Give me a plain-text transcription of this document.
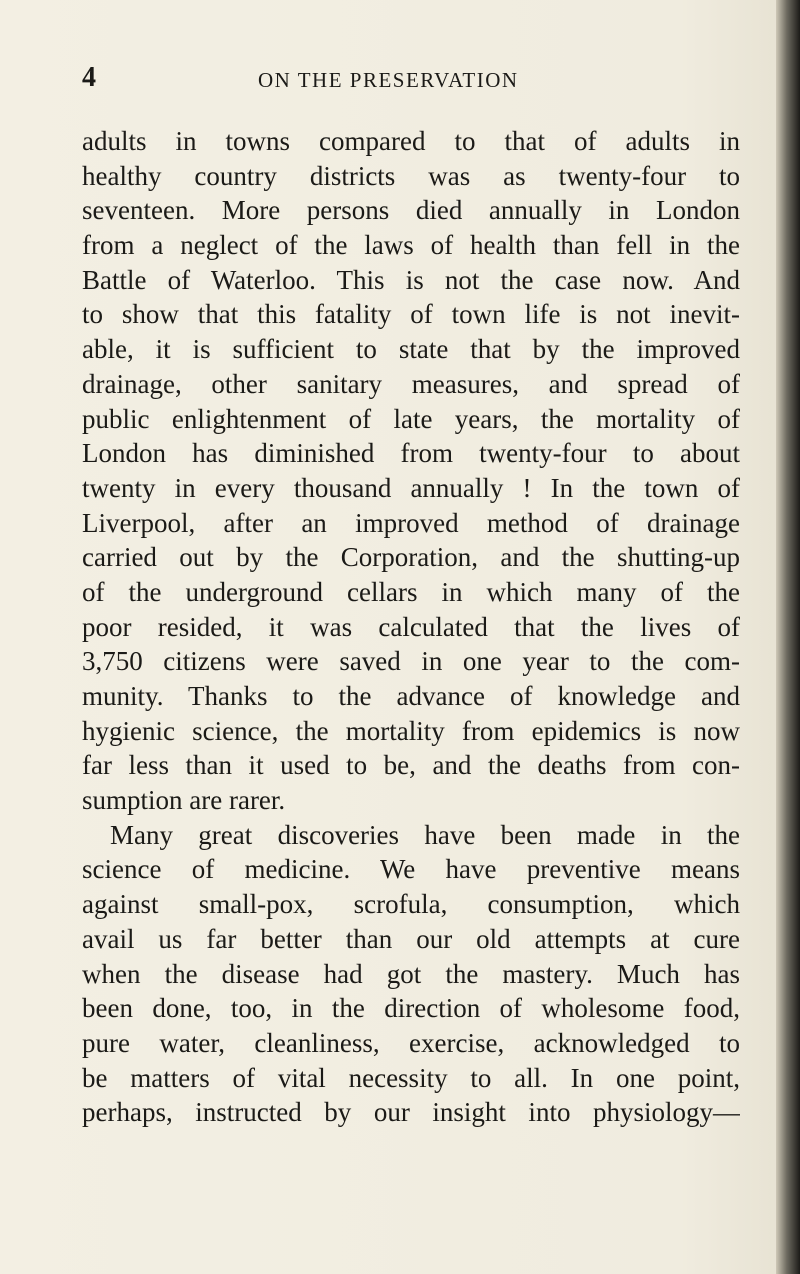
4	ON THE PRESERVATION
adults in towns compared to that of adults in
healthy country districts was as twenty-four to
seventeen. More persons died annually in London
from a neglect of the laws of health than fell in the
Battle of Waterloo. This is not the case now. And
to show that this fatality of town life is not inevit-
able, it is sufficient to state that by the improved
drainage, other sanitary measures, and spread of
public enlightenment of late years, the mortality of
London has diminished from twenty-four to about
twenty in every thousand annually ! In the town of
Liverpool, after an improved method of drainage
carried out by the Corporation, and the shutting-up
of the underground cellars in which many of the
poor resided, it was calculated that the lives of
3,750 citizens were saved in one year to the com-
munity. Thanks to the advance of knowledge and
hygienic science, the mortality from epidemics is now
far less than it used to be, and the deaths from con-
sumption are rarer.
Many great discoveries have been made in the
science of medicine. We have preventive means
against small-pox, scrofula, consumption, which
avail us far better than our old attempts at cure
when the disease had got the mastery. Much has
been done, too, in the direction of wholesome food,
pure water, cleanliness, exercise, acknowledged to
be matters of vital necessity to all. In one point,
perhaps, instructed by our insight into physiology—
